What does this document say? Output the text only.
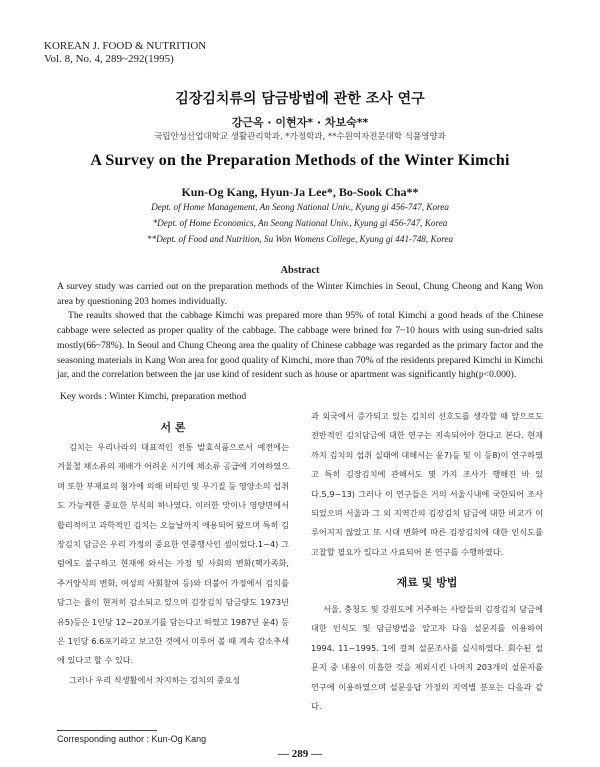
KOREAN J. FOOD & NUTRITION
Vol. 8, No. 4, 289~292(1995)
김장김치류의 담금방법에 관한 조사 연구
강근옥 · 이현자* · 차보숙**
국립안성산업대학교 생활관리학과, *가정학과, **수원여자전문대학 식품영양과
A Survey on the Preparation Methods of the Winter Kimchi
Kun-Og Kang, Hyun-Ja Lee*, Bo-Sook Cha**
Dept. of Home Management, An Seong National Univ., Kyung gi 456-747, Korea
*Dept. of Home Economics, An Seong National Univ., Kyung gi 456-747, Korea
**Dept. of Food and Nutrition, Su Won Womens College, Kyung gi 441-748, Korea
Abstract

A survey study was carried out on the preparation methods of the Winter Kimchies in Seoul, Chung Cheong and Kang Won area by questioning 203 homes individually.

The reaults showed that the cabbage Kimchi was prepared more than 95% of total Kimchi a good heads of the Chinese cabbage were selected as proper quality of the cabbage. The cabbage were brined for 7~10 hours with using sun-dried salts mostly(66~78%). In Seoul and Chung Cheong area the quality of Chinese cabbage was regarded as the primary factor and the seasoning materials in Kang Won area for good quality of Kimchi, more than 70% of the residents prepared Kimchi in Kimchi jar, and the correlation between the jar use kind of resident such as house or apartment was significantly high(p<0.000).

Key words : Winter Kimchi, preparation method
서 론

김치는 우리나라의 대표적인 전통 발효식품으로서 예전에는 겨울철 채소류의 재배가 어려운 시기에 채소류 공급에 기여하였으며 또한 부재료의 첨가에 의해 비타민 및 무기질 등 영양소의 섭취도 가능케한 중요한 부식의 하나였다. 이러한 맛이나 영양면에서 합리적이고 과학적인 김치는 오늘날까지 애용되어 왔으며 특히 김장김치 담금은 우리 가정의 중요한 연중행사인 셈이었다.1~4) 그럼에도 불구하고 현재에 와서는 가정 및 사회의 변화(핵가족화, 주거양식의 변화, 여성의 사회참여 등)와 더불어 가정에서 김치를 담그는 율이 현저히 감소되고 있으며 김장김치 담금량도 1973년 유5)등은 1인당 12~20포기를 담는다고 하였고 1987년 윤4) 등은 1인당 6.6포기라고 보고한 것에서 미루어 볼 때 계속 감소추세에 있다고 할 수 있다.

그러나 우리 식생활에서 차지하는 김치의 중요성

과 외국에서 증가되고 있는 김치의 선호도를 생각할 때 앞으로도 전반적인 김치담금에 대한 연구는 지속되어야 한다고 본다. 현재까지 김치의 섭취 실태에 대해서는 윤7)등 및 이 등8)이 연구하였고 특히 김장김치에 관해서도 몇 가지 조사가 행해진 바 있다.5,9~13) 그러나 이 연구들은 거의 서울시내에 국한되어 조사되었으며 서울과 그 외 지역간의 김장김치 담금에 대한 비교가 이루어지지 않았고 또 시대 변화에 따른 김장김치에 대한 인식도를 고찰할 필요가 있다고 사료되어 본 연구를 수행하였다.

재료 및 방법

서울, 충청도 및 강원도에 거주하는 사람들의 김장김치 담금에 대한 인식도 및 담금방법을 알고자 다음 설문지를 이용하여 1994. 11~1995. 1에 걸쳐 설문조사를 실시하였다. 회수된 설문지 중 내용이 미흡한 것을 제외시킨 나머지 203개의 설문지를 연구에 이용하였으며 설문응답 가정의 지역별 분포는 다음과 같다.

Corresponding author : Kun-Og Kang
— 289 —
